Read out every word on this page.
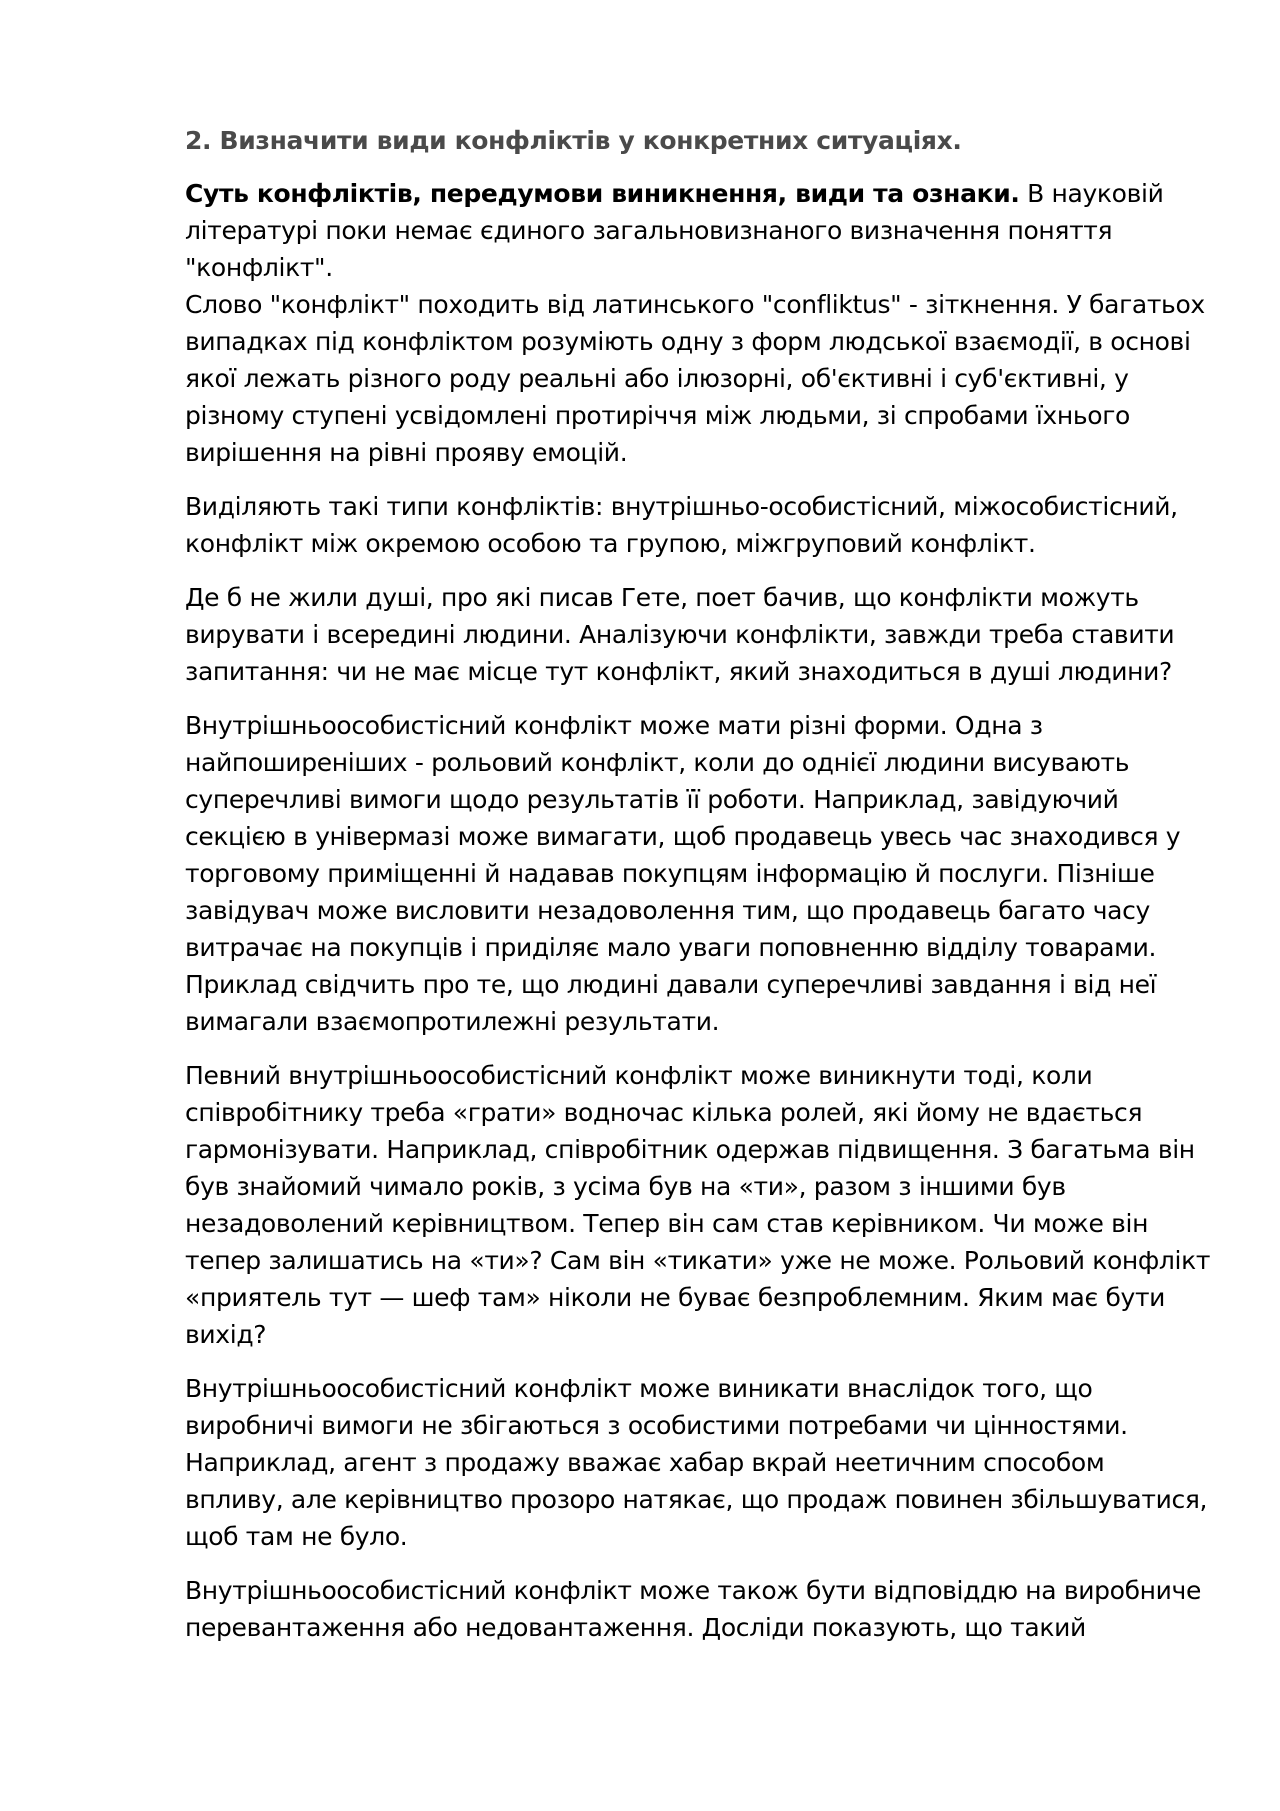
2. Визначити види конфліктів у конкретних ситуаціях.
Суть конфліктів, передумови виникнення, види та ознаки. В науковій
літературі поки немає єдиного загальновизнаного визначення поняття
"конфлікт".
Слово "конфлікт" походить від латинського "confliktus" - зіткнення. У багатьох
випадках під конфліктом розуміють одну з форм людської взаємодії, в основі
якої лежать різного роду реальні або ілюзорні, об'єктивні і суб'єктивні, у
різному ступені усвідомлені протиріччя між людьми, зі спробами їхнього
вирішення на рівні прояву емоцій.
Виділяють такі типи конфліктів: внутрішньо-особистісний, міжособистісний,
конфлікт між окремою особою та групою, міжгруповий конфлікт.
Де б не жили душі, про які писав Гете, поет бачив, що конфлікти можуть
вирувати і всередині людини. Аналізуючи конфлікти, завжди треба ставити
запитання: чи не має місце тут конфлікт, який знаходиться в душі людини?
Внутрішньоособистісний конфлікт може мати різні форми. Одна з
найпоширеніших - рольовий конфлікт, коли до однієї людини висувають
суперечливі вимоги щодо результатів її роботи. Наприклад, завідуючий
секцією в універмазі може вимагати, щоб продавець увесь час знаходився у
торговому приміщенні й надавав покупцям інформацію й послуги. Пізніше
завідувач може висловити незадоволення тим, що продавець багато часу
витрачає на покупців і приділяє мало уваги поповненню відділу товарами.
Приклад свідчить про те, що людині давали суперечливі завдання і від неї
вимагали взаємопротилежні результати.
Певний внутрішньоособистісний конфлікт може виникнути тоді, коли
співробітнику треба «грати» водночас кілька ролей, які йому не вдається
гармонізувати. Наприклад, співробітник одержав підвищення. З багатьма він
був знайомий чимало років, з усіма був на «ти», разом з іншими був
незадоволений керівництвом. Тепер він сам став керівником. Чи може він
тепер залишатись на «ти»? Сам він «тикати» уже не може. Рольовий конфлікт
«приятель тут — шеф там» ніколи не буває безпроблемним. Яким має бути
вихід?
Внутрішньоособистісний конфлікт може виникати внаслідок того, що
виробничі вимоги не збігаються з особистими потребами чи цінностями.
Наприклад, агент з продажу вважає хабар вкрай неетичним способом
впливу, але керівництво прозоро натякає, що продаж повинен збільшуватися,
щоб там не було.
Внутрішньоособистісний конфлікт може також бути відповіддю на виробниче
перевантаження або недовантаження. Досліди показують, що такий
